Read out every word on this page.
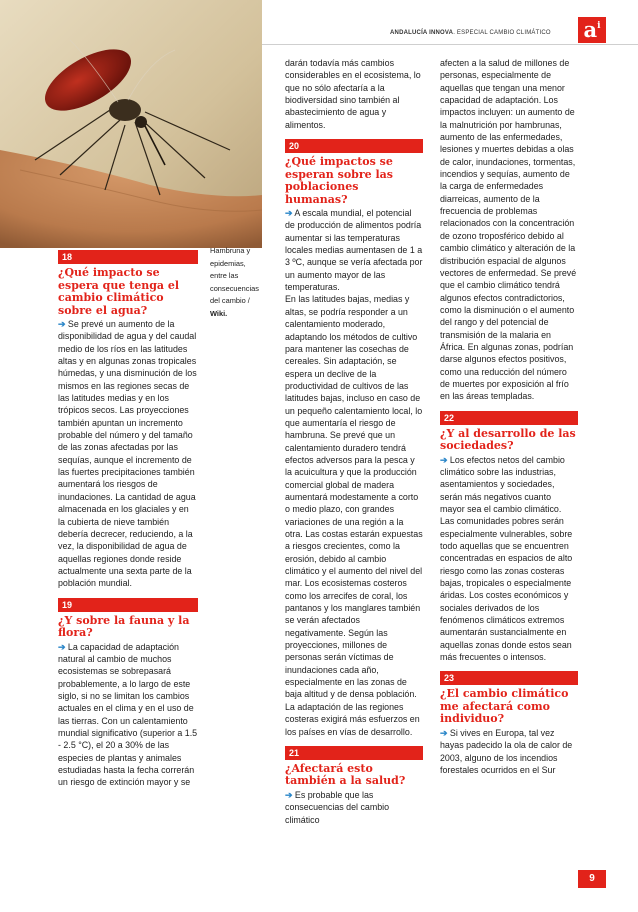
ANDALUCÍA INNOVA. ESPECIAL CAMBIO CLIMÁTICO $a^i$
Hambruna y epidemias, entre las consecuencias del cambio / Wiki.
18
¿Qué impacto se espera que tenga el cambio climático sobre el agua?

➔ Se prevé un aumento de la disponibilidad de agua y del caudal medio de los ríos en las latitudes altas y en algunas zonas tropicales húmedas, y una disminución de los mismos en las regiones secas de las latitudes medias y en los trópicos secos. Las proyecciones también apuntan un incremento probable del número y del tamaño de las zonas afectadas por las sequías, aunque el incremento de las fuertes precipitaciones también aumentará los riesgos de inundaciones. La cantidad de agua almacenada en los glaciales y en la cubierta de nieve también debería decrecer, reduciendo, a la vez, la disponibilidad de agua de aquellas regiones donde reside actualmente una sexta parte de la población mundial.

19
¿Y sobre la fauna y la flora?

➔ La capacidad de adaptación natural al cambio de muchos ecosistemas se sobrepasará probablemente, a lo largo de este siglo, si no se limitan los cambios actuales en el clima y en el uso de las tierras. Con un calentamiento mundial significativo (superior a 1.5 - 2.5 °C), el 20 a 30% de las especies de plantas y animales estudiadas hasta la fecha correrán un riesgo de extinción mayor y se

darán todavía más cambios considerables en el ecosistema, lo que no sólo afectaría a la biodiversidad sino también al abastecimiento de agua y alimentos.

20
¿Qué impactos se esperan sobre las poblaciones humanas?

➔ A escala mundial, el potencial de producción de alimentos podría aumentar si las temperaturas locales medias aumentasen de 1 a 3 ºC, aunque se vería afectada por un aumento mayor de las temperaturas.

En las latitudes bajas, medias y altas, se podría responder a un calentamiento moderado, adaptando los métodos de cultivo para mantener las cosechas de cereales. Sin adaptación, se espera un declive de la productividad de cultivos de las latitudes bajas, incluso en caso de un pequeño calentamiento local, lo que aumentaría el riesgo de hambruna. Se prevé que un calentamiento duradero tendrá efectos adversos para la pesca y la acuicultura y que la producción comercial global de madera aumentará modestamente a corto o medio plazo, con grandes variaciones de una región a la otra. Las costas estarán expuestas a riesgos crecientes, como la erosión, debido al cambio climático y el aumento del nivel del mar. Los ecosistemas costeros como los arrecifes de coral, los pantanos y los manglares también se verán afectados negativamente. Según las proyecciones, millones de personas serán víctimas de inundaciones cada año, especialmente en las zonas de baja altitud y de densa población. La adaptación de las regiones costeras exigirá más esfuerzos en los países en vías de desarrollo.

21
¿Afectará esto también a la salud?

➔ Es probable que las consecuencias del cambio climático

afecten a la salud de millones de personas, especialmente de aquellas que tengan una menor capacidad de adaptación. Los impactos incluyen: un aumento de la malnutrición por hambrunas, aumento de las enfermedades, lesiones y muertes debidas a olas de calor, inundaciones, tormentas, incendios y sequías, aumento de la carga de enfermedades diarreicas, aumento de la frecuencia de problemas relacionados con la concentración de ozono troposférico debido al cambio climático y alteración de la distribución espacial de algunos vectores de enfermedad. Se prevé que el cambio climático tendrá algunos efectos contradictorios, como la disminución o el aumento del rango y del potencial de transmisión de la malaria en África. En algunas zonas, podrían darse algunos efectos positivos, como una reducción del número de muertes por exposición al frío en las áreas templadas.

22
¿Y al desarrollo de las sociedades?

➔ Los efectos netos del cambio climático sobre las industrias, asentamientos y sociedades, serán más negativos cuanto mayor sea el cambio climático. Las comunidades pobres serán especialmente vulnerables, sobre todo aquellas que se encuentren concentradas en espacios de alto riesgo como las zonas costeras bajas, tropicales o especialmente áridas. Los costes económicos y sociales derivados de los fenómenos climáticos extremos aumentarán sustancialmente en aquellas zonas donde estos sean más frecuentes o intensos.

23
¿El cambio climático me afectará como individuo?

➔ Si vives en Europa, tal vez hayas padecido la ola de calor de 2003, alguno de los incendios forestales ocurridos en el Sur

9
